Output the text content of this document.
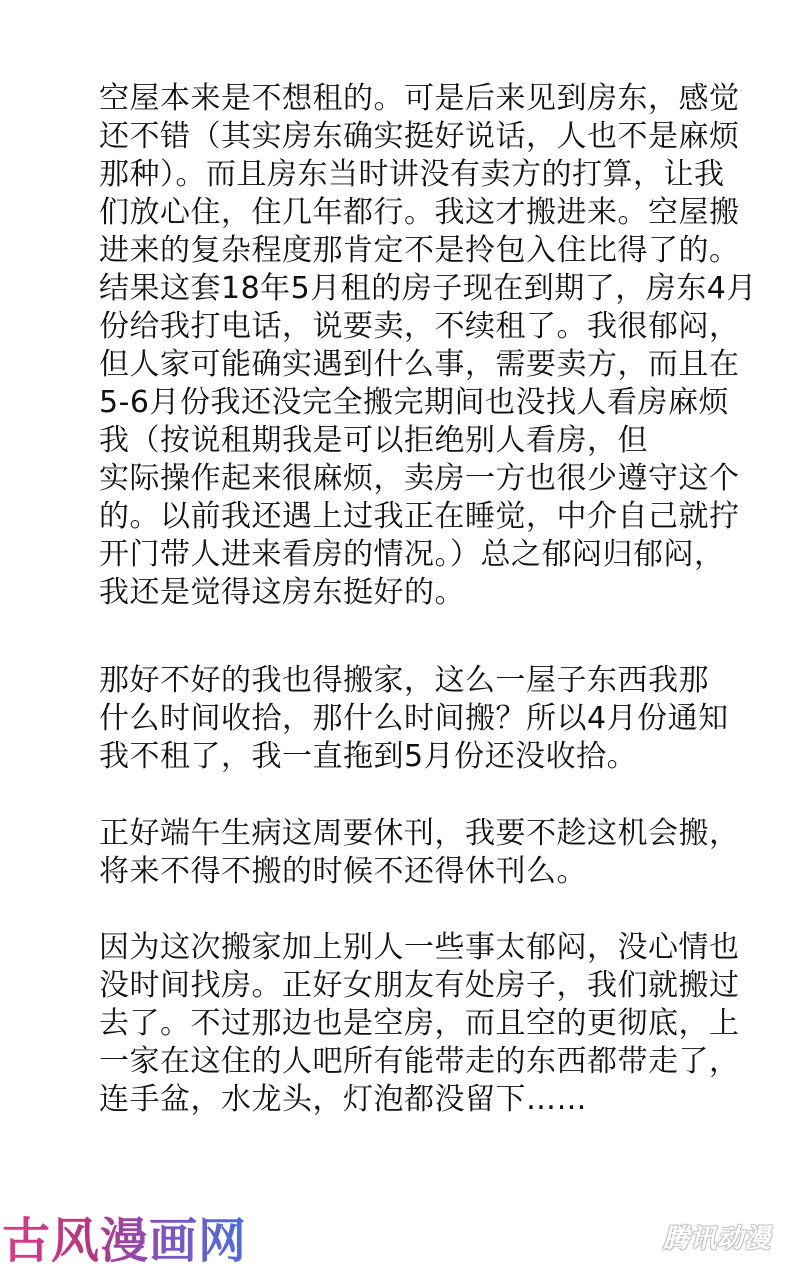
空屋本来是不想租的。可是后来见到房东，感觉
还不错（其实房东确实挺好说话，人也不是麻烦
那种）。而且房东当时讲没有卖方的打算，让我
们放心住，住几年都行。我这才搬进来。空屋搬
进来的复杂程度那肯定不是拎包入住比得了的。
结果这套18年5月租的房子现在到期了，房东4月
份给我打电话，说要卖，不续租了。我很郁闷，
但人家可能确实遇到什么事，需要卖方，而且在
5-6月份我还没完全搬完期间也没找人看房麻烦
我（按说租期我是可以拒绝别人看房，但
实际操作起来很麻烦，卖房一方也很少遵守这个
的。以前我还遇上过我正在睡觉，中介自己就拧
开门带人进来看房的情况。）总之郁闷归郁闷，
我还是觉得这房东挺好的。
那好不好的我也得搬家，这么一屋子东西我那
什么时间收拾，那什么时间搬？所以4月份通知
我不租了，我一直拖到5月份还没收拾。
正好端午生病这周要休刊，我要不趁这机会搬，
将来不得不搬的时候不还得休刊么。
因为这次搬家加上别人一些事太郁闷，没心情也
没时间找房。正好女朋友有处房子，我们就搬过
去了。不过那边也是空房，而且空的更彻底，上
一家在这住的人吧所有能带走的东西都带走了，
连手盆，水龙头，灯泡都没留下……
古风漫画网	腾讯动漫
